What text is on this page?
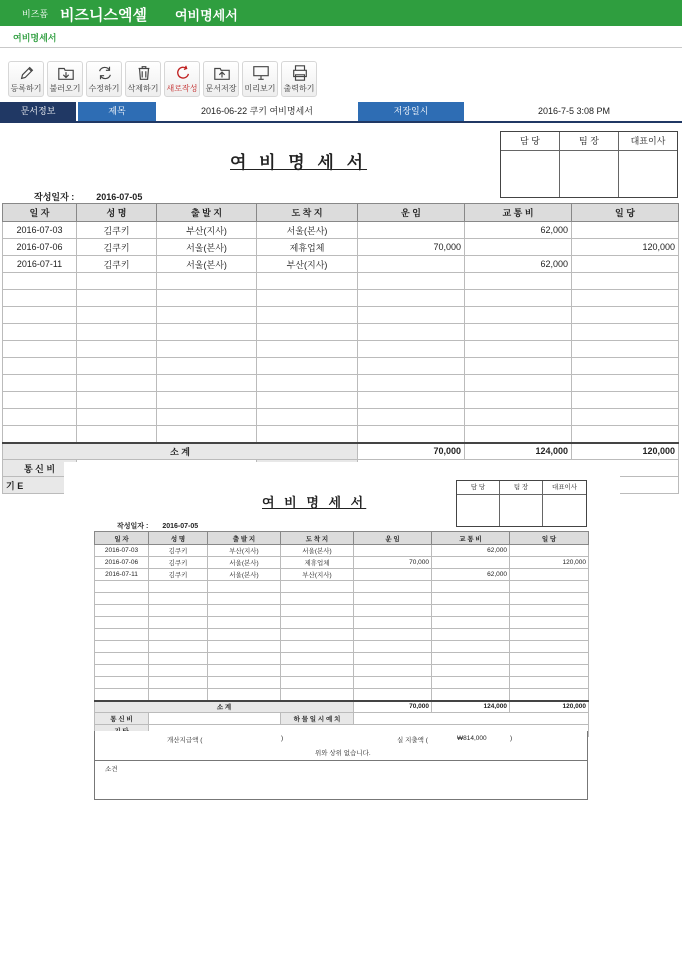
비즈폼 비즈니스엑셀 여비명세서
여비명세서
등록하기 불러오기 수정하기 삭제하기 새로작성 문서저장 미리보기 출력하기
문서정보	제목	2016-06-22 쿠키 여비명세서	저장일시	2016-7-5 3:08 PM
여 비 명 세 서
담 당	팀 장	대표이사
작성일자 : 2016-07-05
일 자	성 명	출 발 지	도 착 지	운 임	교 통 비	일 당
2016-07-03	김쿠키	부산(지사)	서울(본사)		62,000	
2016-07-06	김쿠키	서울(본사)	제휴업체	70,000		120,000
2016-07-11	김쿠키	서울(본사)	부산(지사)		62,000	

소 계				70,000	124,000	120,000
통 신 비			
기 E						
여 비 명 세 서
담 당	팀 장	대표이사
작성일자 : 2016-07-05
일 자	성 명	출 발 지	도 착 지	운 임	교 통 비	일 당
2016-07-03	김쿠키	부산(지사)	서울(본사)		62,000	
2016-07-06	김쿠키	서울(본사)	제휴업체	70,000		120,000
2016-07-11	김쿠키	서울(본사)	부산(지사)		62,000	

소 계				70,000	124,000	120,000
통 신 비			하 물 일 시 예 치			

개산지급액 (	)	실 지출액 (	₩814,000	)
위와 상위 없습니다.
소견
